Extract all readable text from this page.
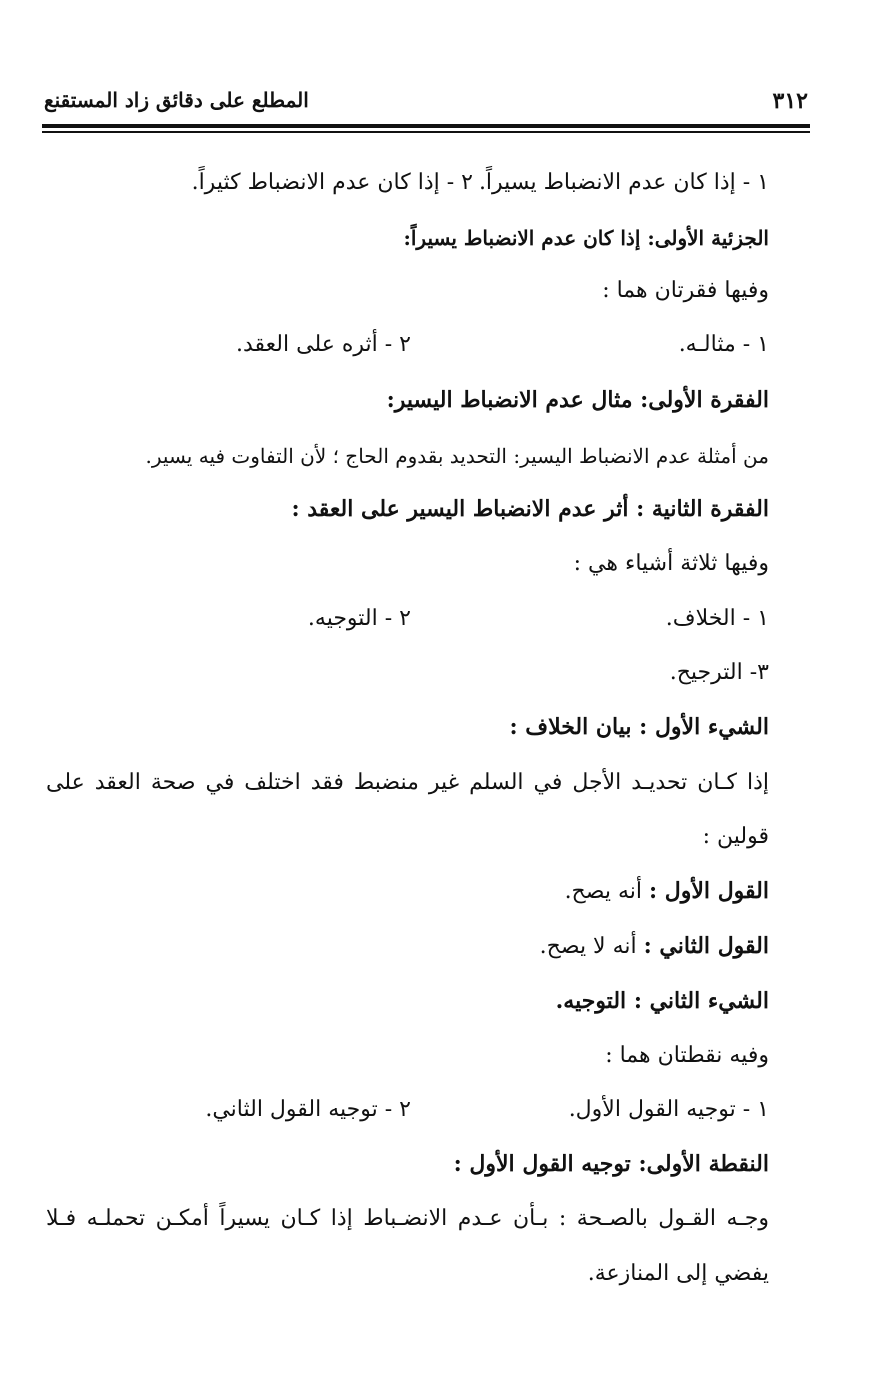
٣١٢
المطلع على دقائق زاد المستقنع
١ - إذا كان عدم الانضباط يسيراً.
٢ - إذا كان عدم الانضباط كثيراً.
الجزئية الأولى: إذا كان عدم الانضباط يسيراً:
وفيها فقرتان هما :
١ - مثالـه.
٢ - أثره على العقد.
الفقرة الأولى: مثال عدم الانضباط اليسير:
من أمثلة عدم الانضباط اليسير: التحديد بقدوم الحاج ؛ لأن التفاوت فيه يسير.
الفقرة الثانية : أثر عدم الانضباط اليسير على العقد :
وفيها ثلاثة أشياء هي :
١ - الخلاف.
٢ - التوجيه.
٣- الترجيح.
الشيء الأول : بيان الخلاف :
إذا كـان تحديـد الأجل في السلم غير منضبط فقد اختلف في صحة العقد على
قولين :
القول الأول : أنه يصح.
القول الثاني : أنه لا يصح.
الشيء الثاني : التوجيه.
وفيه نقطتان هما :
١ - توجيه القول الأول.
٢ - توجيه القول الثاني.
النقطة الأولى: توجيه القول الأول :
وجـه القـول بالصـحة : بـأن عـدم الانضـباط إذا كـان يسيراً أمكـن تحملـه فـلا
يفضي إلى المنازعة.
